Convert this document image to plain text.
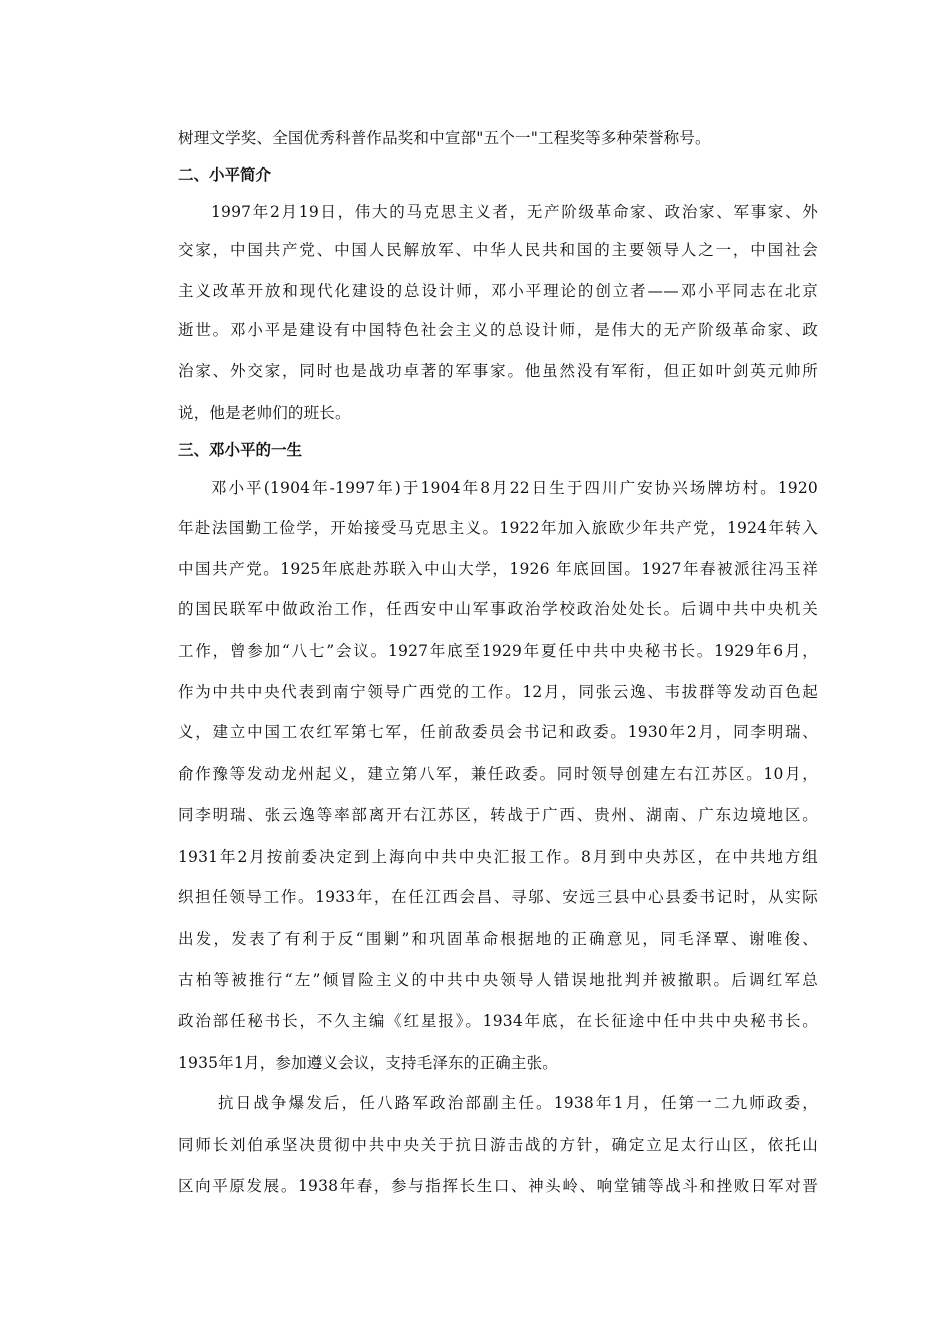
树理文学奖、全国优秀科普作品奖和中宣部"五个一"工程奖等多种荣誉称号。
二、小平简介
1997年2月19日，伟大的马克思主义者，无产阶级革命家、政治家、军事家、外
交家，中国共产党、中国人民解放军、中华人民共和国的主要领导人之一，中国社会
主义改革开放和现代化建设的总设计师，邓小平理论的创立者——邓小平同志在北京
逝世。邓小平是建设有中国特色社会主义的总设计师，是伟大的无产阶级革命家、政
治家、外交家，同时也是战功卓著的军事家。他虽然没有军衔，但正如叶剑英元帅所
说，他是老帅们的班长。
三、邓小平的一生
邓小平(1904年-1997年)于1904年8月22日生于四川广安协兴场牌坊村。1920
年赴法国勤工俭学，开始接受马克思主义。1922年加入旅欧少年共产党，1924年转入
中国共产党。1925年底赴苏联入中山大学，1926 年底回国。1927年春被派往冯玉祥
的国民联军中做政治工作，任西安中山军事政治学校政治处处长。后调中共中央机关
工作，曾参加“八七”会议。1927年底至1929年夏任中共中央秘书长。1929年6月，
作为中共中央代表到南宁领导广西党的工作。12月，同张云逸、韦拔群等发动百色起
义，建立中国工农红军第七军，任前敌委员会书记和政委。1930年2月，同李明瑞、
俞作豫等发动龙州起义，建立第八军，兼任政委。同时领导创建左右江苏区。10月，
同李明瑞、张云逸等率部离开右江苏区，转战于广西、贵州、湖南、广东边境地区。
1931年2月按前委决定到上海向中共中央汇报工作。8月到中央苏区，在中共地方组
织担任领导工作。1933年，在任江西会昌、寻邬、安远三县中心县委书记时，从实际
出发，发表了有利于反“围剿”和巩固革命根据地的正确意见，同毛泽覃、谢唯俊、
古柏等被推行“左”倾冒险主义的中共中央领导人错误地批判并被撤职。后调红军总
政治部任秘书长，不久主编《红星报》。1934年底，在长征途中任中共中央秘书长。
1935年1月，参加遵义会议，支持毛泽东的正确主张。
抗日战争爆发后，任八路军政治部副主任。1938年1月，任第一二九师政委，
同师长刘伯承坚决贯彻中共中央关于抗日游击战的方针，确定立足太行山区，依托山
区向平原发展。1938年春，参与指挥长生口、神头岭、响堂铺等战斗和挫败日军对晋
